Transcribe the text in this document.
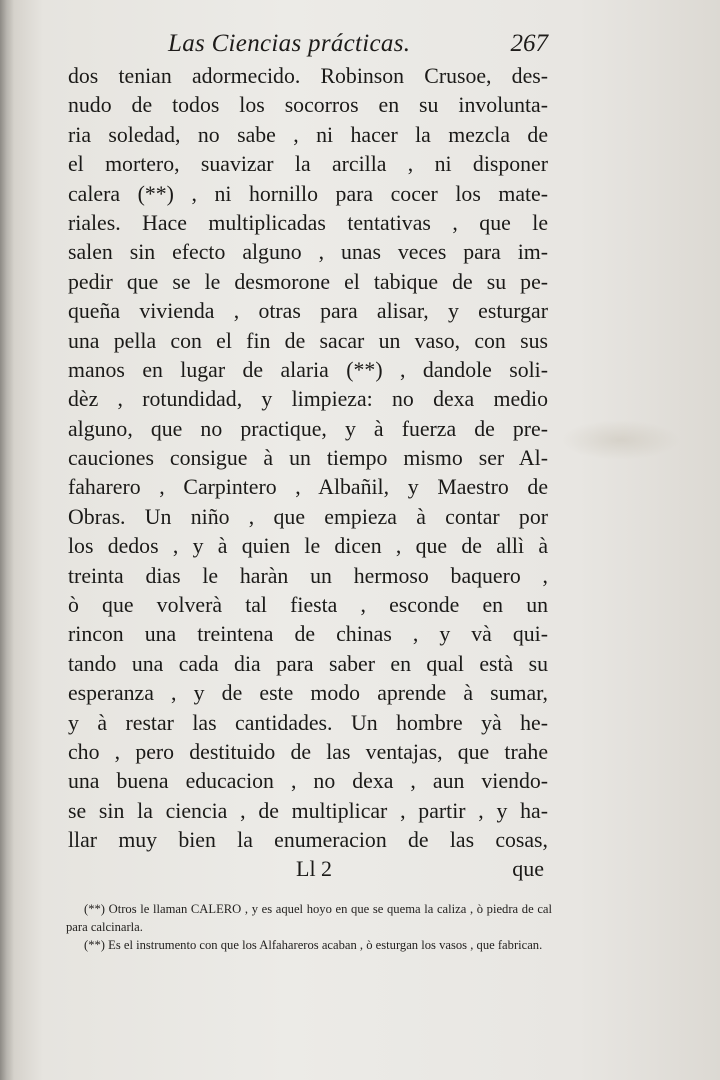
Las Ciencias prácticas.	267
dos tenian adormecido. Robinson Crusoe, des-
nudo de todos los socorros en su involunta-
ria soledad, no sabe , ni hacer la mezcla de
el mortero, suavizar la arcilla , ni disponer
calera (**) , ni hornillo para cocer los mate-
riales. Hace multiplicadas tentativas , que le
salen sin efecto alguno , unas veces para im-
pedir que se le desmorone el tabique de su pe-
queña vivienda , otras para alisar, y esturgar
una pella con el fin de sacar un vaso, con sus
manos en lugar de alaria (**) , dandole soli-
dèz , rotundidad, y limpieza: no dexa medio
alguno, que no practique, y à fuerza de pre-
cauciones consigue à un tiempo mismo ser Al-
faharero , Carpintero , Albañil, y Maestro de
Obras. Un niño , que empieza à contar por
los dedos , y à quien le dicen , que de allì à
treinta dias le haràn un hermoso baquero ,
ò que volverà tal fiesta , esconde en un
rincon una treintena de chinas , y và qui-
tando una cada dia para saber en qual està su
esperanza , y de este modo aprende à sumar,
y à restar las cantidades. Un hombre yà he-
cho , pero destituido de las ventajas, que trahe
una buena educacion , no dexa , aun viendo-
se sin la ciencia , de multiplicar , partir , y ha-
llar muy bien la enumeracion de las cosas,
Ll 2	que
(**) Otros le llaman CALERO , y es aquel hoyo en que se quema la caliza , ò piedra de cal para calcinarla.
(**) Es el instrumento con que los Alfahareros acaban , ò esturgan los vasos , que fabrican.
